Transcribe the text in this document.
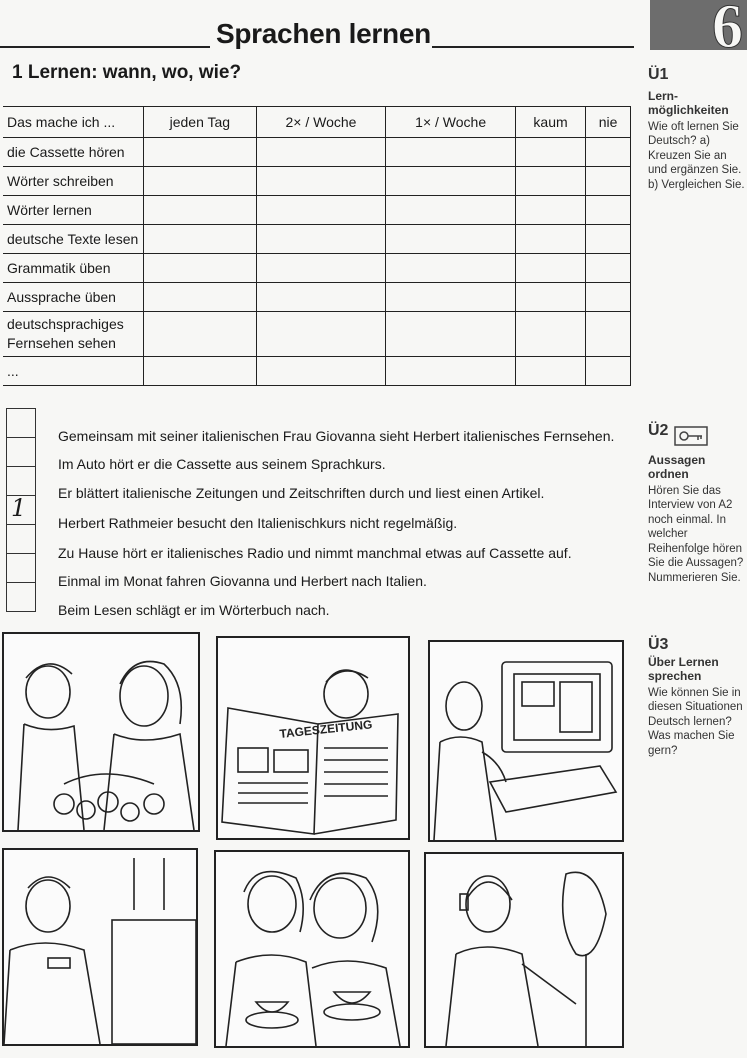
Sprachen lernen	6
1 Lernen: wann, wo, wie?
Das mache ich ...	jeden Tag	2× / Woche	1× / Woche	kaum	nie
die Cassette hören					
Wörter schreiben					
Wörter lernen					
deutsche Texte lesen					
Grammatik üben					
Aussprache üben					
deutschsprachiges Fernsehen sehen					
...					
Ü1
Lern-möglichkeiten
Wie oft lernen Sie Deutsch? a) Kreuzen Sie an und ergänzen Sie. b) Vergleichen Sie.
Ü2
Aussagen ordnen
Hören Sie das Interview von A2 noch einmal. In welcher Reihenfolge hören Sie die Aussagen? Nummerieren Sie.
Ü3
Über Lernen sprechen
Wie können Sie in diesen Situationen Deutsch lernen? Was machen Sie gern?
1
Gemeinsam mit seiner italienischen Frau Giovanna sieht Herbert italienisches Fernsehen.
Im Auto hört er die Cassette aus seinem Sprachkurs.
Er blättert italienische Zeitungen und Zeitschriften durch und liest einen Artikel.
Herbert Rathmeier besucht den Italienischkurs nicht regelmäßig.
Zu Hause hört er italienisches Radio und nimmt manchmal etwas auf Cassette auf.
Einmal im Monat fahren Giovanna und Herbert nach Italien.
Beim Lesen schlägt er im Wörterbuch nach.
TAGESZEITUNG
